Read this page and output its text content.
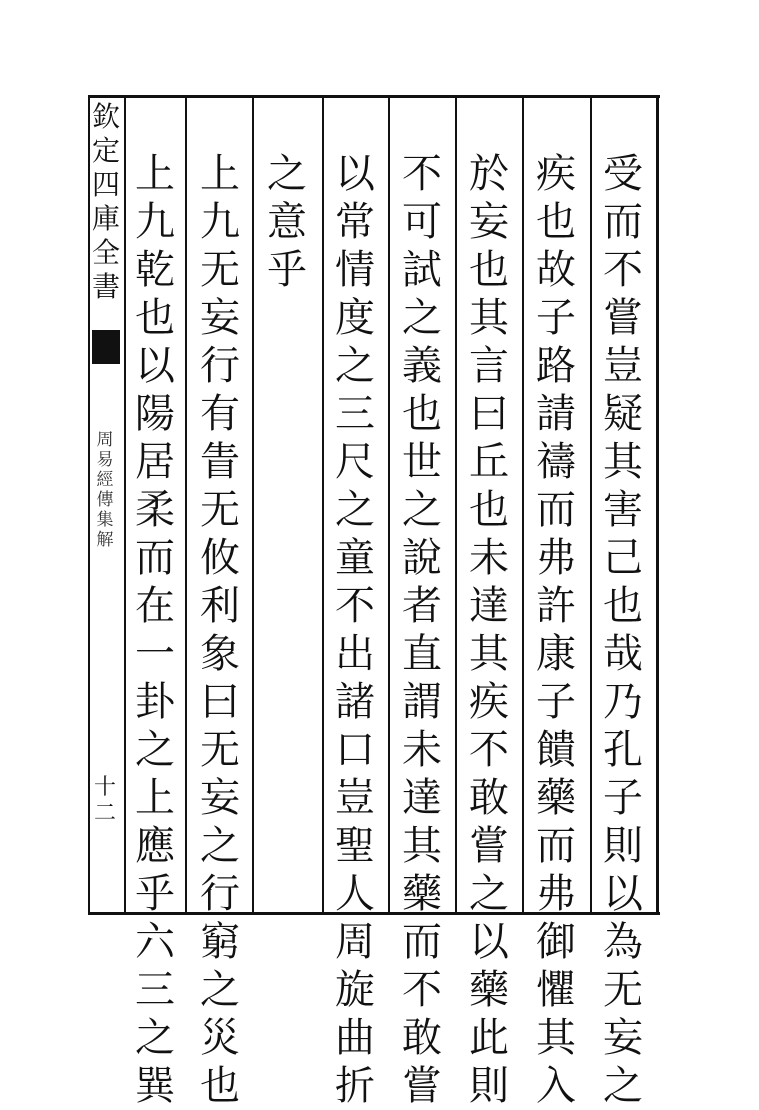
欽
定
四
庫
全
書
周
易
經
傳
集
解
十二
受
而
不
嘗
豈
疑
其
害
己
也
哉
乃
孔
子
則
以
為
无
妄
之
疾
也
故
子
路
請
禱
而
弗
許
康
子
饋
藥
而
弗
御
懼
其
入
於
妄
也
其
言
曰
丘
也
未
達
其
疾
不
敢
嘗
之
以
藥
此
則
不
可
試
之
義
也
世
之
說
者
直
謂
未
達
其
藥
而
不
敢
嘗
以
常
情
度
之
三
尺
之
童
不
出
諸
口
豈
聖
人
周
旋
曲
折
之
意
乎
上
九
无
妄
行
有
眚
无
攸
利
象
曰
无
妄
之
行
窮
之
災
也
上
九
乾
也
以
陽
居
柔
而
在
一
卦
之
上
應
乎
六
三
之
巽
